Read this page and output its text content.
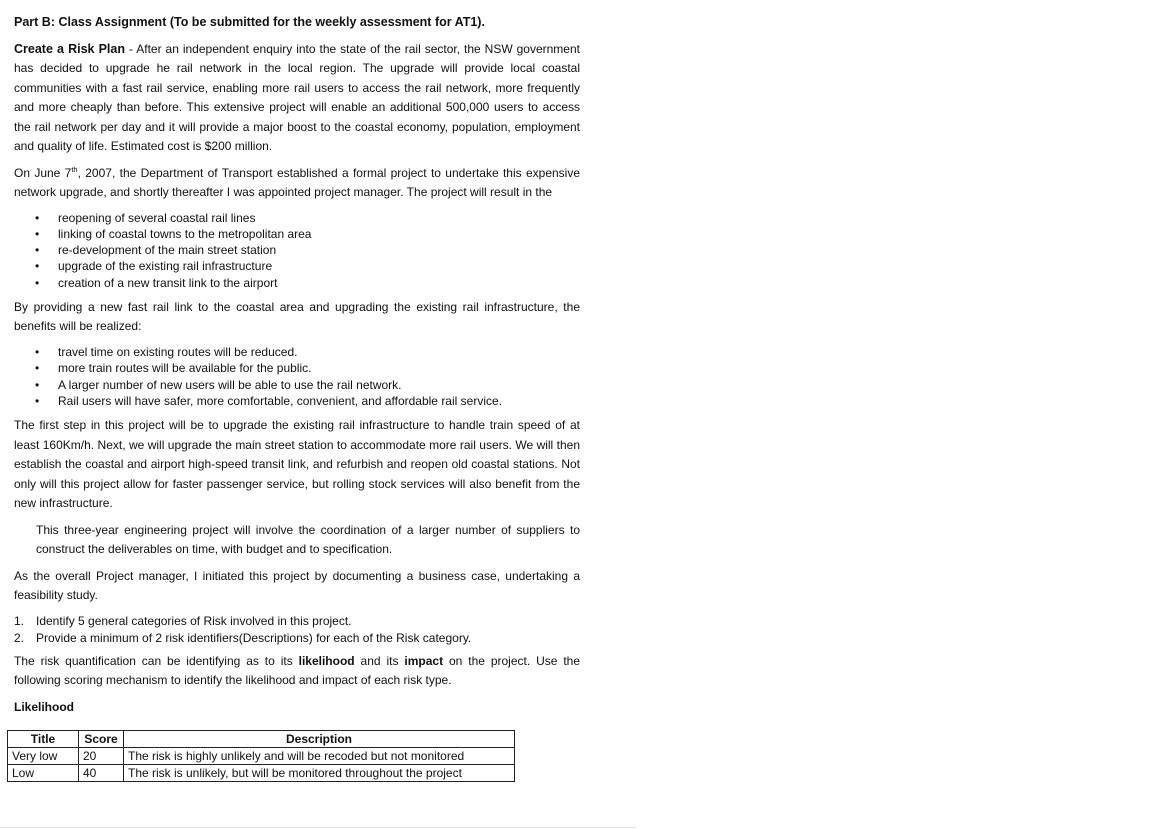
Part B: Class Assignment (To be submitted for the weekly assessment for AT1).

Create a Risk Plan - After an independent enquiry into the state of the rail sector, the NSW government has decided to upgrade he rail network in the local region. The upgrade will provide local coastal communities with a fast rail service, enabling more rail users to access the rail network, more frequently and more cheaply than before. This extensive project will enable an additional 500,000 users to access the rail network per day and it will provide a major boost to the coastal economy, population, employment and quality of life. Estimated cost is $200 million.

On June 7th, 2007, the Department of Transport established a formal project to undertake this expensive network upgrade, and shortly thereafter I was appointed project manager. The project will result in the

• reopening of several coastal rail lines
• linking of coastal towns to the metropolitan area
• re-development of the main street station
• upgrade of the existing rail infrastructure
• creation of a new transit link to the airport

By providing a new fast rail link to the coastal area and upgrading the existing rail infrastructure, the benefits will be realized:

• travel time on existing routes will be reduced.
• more train routes will be available for the public.
• A larger number of new users will be able to use the rail network.
• Rail users will have safer, more comfortable, convenient, and affordable rail service.

The first step in this project will be to upgrade the existing rail infrastructure to handle train speed of at least 160Km/h. Next, we will upgrade the main street station to accommodate more rail users. We will then establish the coastal and airport high-speed transit link, and refurbish and reopen old coastal stations. Not only will this project allow for faster passenger service, but rolling stock services will also benefit from the new infrastructure.

This three-year engineering project will involve the coordination of a larger number of suppliers to construct the deliverables on time, with budget and to specification.

As the overall Project manager, I initiated this project by documenting a business case, undertaking a feasibility study.

1. Identify 5 general categories of Risk involved in this project.
2. Provide a minimum of 2 risk identifiers(Descriptions) for each of the Risk category.

The risk quantification can be identifying as to its likelihood and its impact on the project. Use the following scoring mechanism to identify the likelihood and impact of each risk type.

Likelihood

Title	Score	Description
Very low	20	The risk is highly unlikely and will be recoded but not monitored
Low	40	The risk is unlikely, but will be monitored throughout the project
